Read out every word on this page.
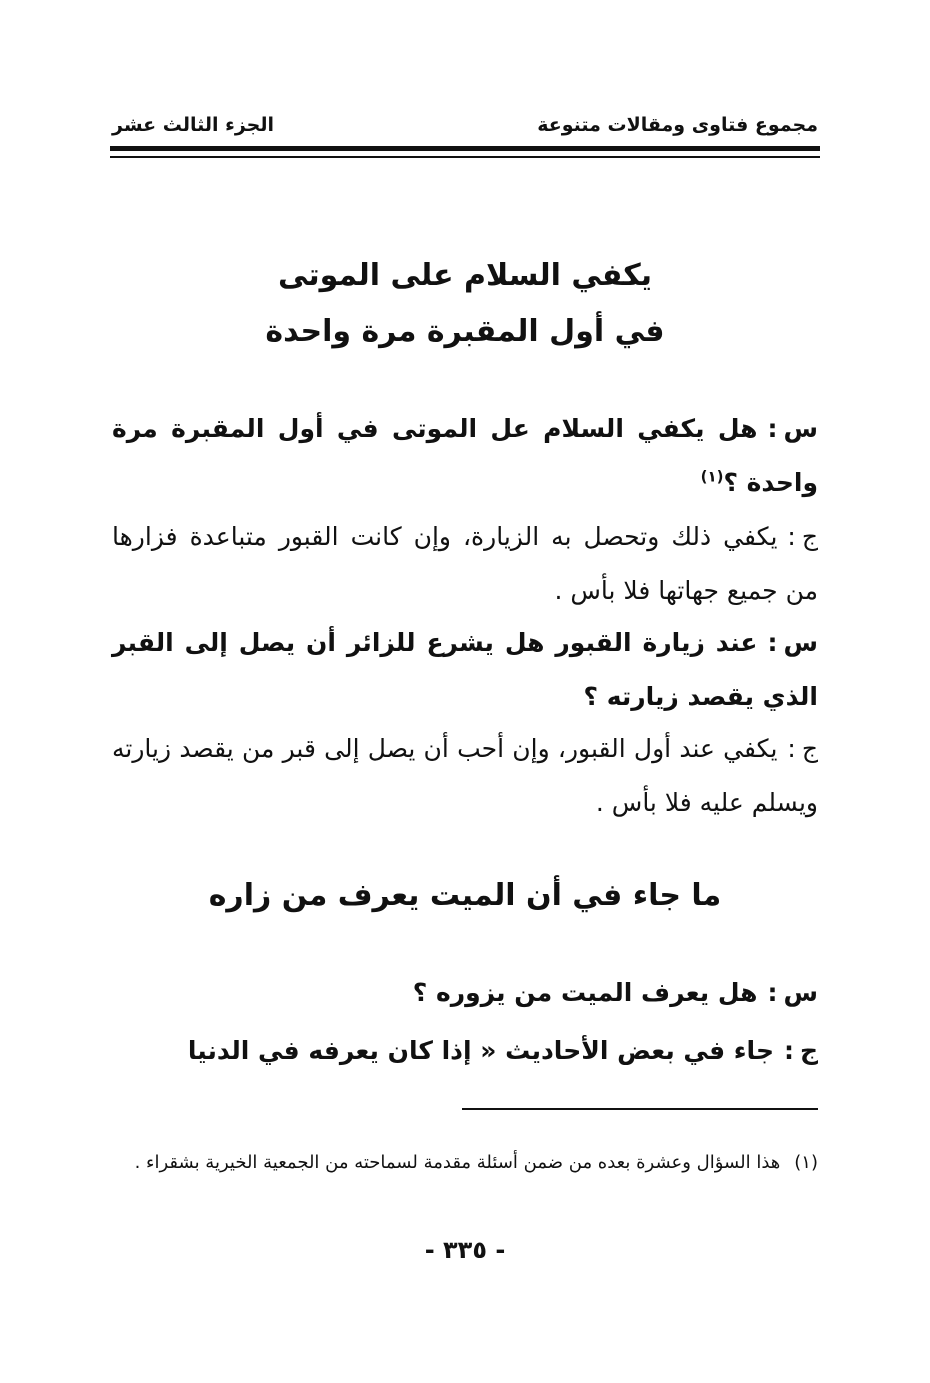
مجموع فتاوى ومقالات متنوعة
الجزء الثالث عشر
يكفي السلام على الموتى
في أول المقبرة مرة واحدة
س:هل يكفي السلام عل الموتى في أول المقبرة مرة واحدة ؟$^{(١)}$
ج:يكفي ذلك وتحصل به الزيارة، وإن كانت القبور متباعدة فزارها من جميع جهاتها فلا بأس .
س:عند زيارة القبور هل يشرع للزائر أن يصل إلى القبر الذي يقصد زيارته ؟
ج:يكفي عند أول القبور، وإن أحب أن يصل إلى قبر من يقصد زيارته ويسلم عليه فلا بأس .
ما جاء في أن الميت يعرف من زاره
س:هل يعرف الميت من يزوره ؟
ج:جاء في بعض الأحاديث « إذا كان يعرفه في الدنيا
(١)هذا السؤال وعشرة بعده من ضمن أسئلة مقدمة لسماحته من الجمعية الخيرية بشقراء .
- ٣٣٥ -
